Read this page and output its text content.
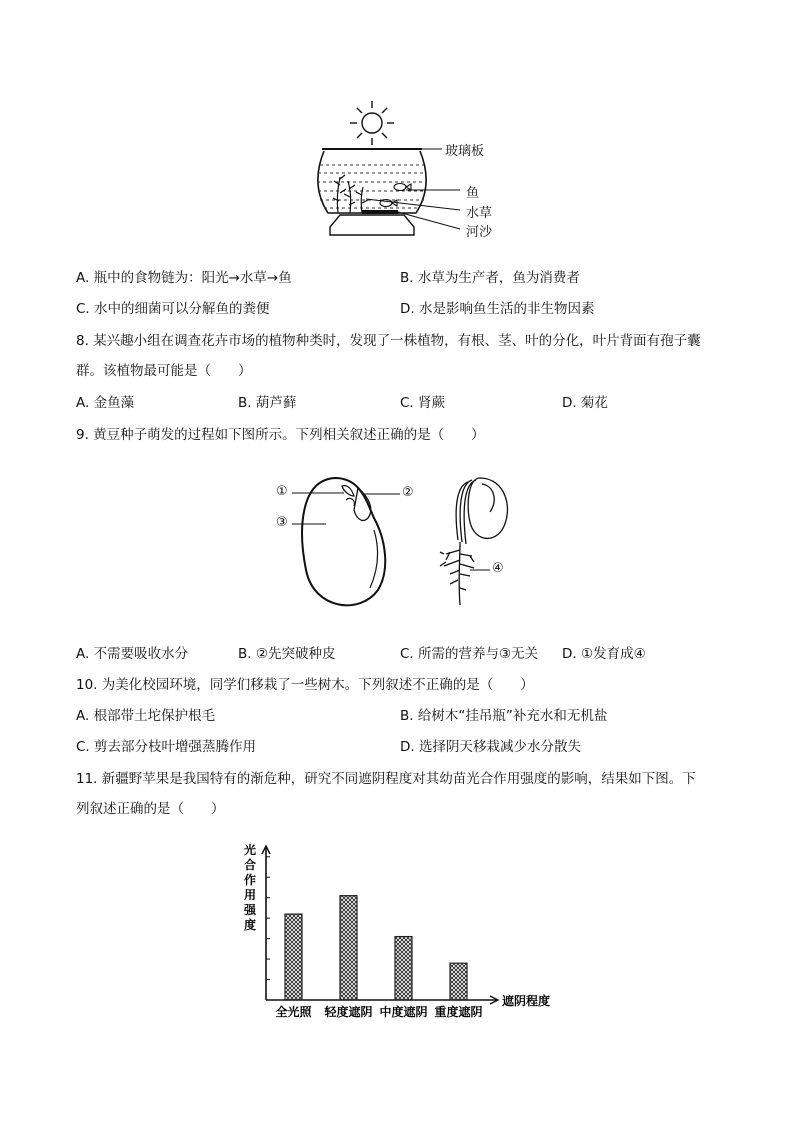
玻璃板
鱼
水草
河沙
A. 瓶中的食物链为：阳光→水草→鱼	B. 水草为生产者，鱼为消费者
C. 水中的细菌可以分解鱼的粪便	D. 水是影响鱼生活的非生物因素
8. 某兴趣小组在调查花卉市场的植物种类时，发现了一株植物，有根、茎、叶的分化，叶片背面有孢子囊
群。该植物最可能是（　　）
A. 金鱼藻	B. 葫芦藓	C. 肾蕨	D. 菊花
9. 黄豆种子萌发的过程如下图所示。下列相关叙述正确的是（　　）
①	②
③
④
A. 不需要吸收水分	B. ②先突破种皮	C. 所需的营养与③无关 D. ①发育成④
10. 为美化校园环境，同学们移栽了一些树木。下列叙述不正确的是（　　）
A. 根部带土坨保护根毛	B. 给树木“挂吊瓶”补充水和无机盐
C. 剪去部分枝叶增强蒸腾作用	D. 选择阴天移栽减少水分散失
11. 新疆野苹果是我国特有的渐危种，研究不同遮阴程度对其幼苗光合作用强度的影响，结果如下图。下
列叙述正确的是（　　）
光
合
作
用
强
度
全光照 轻度遮阴 中度遮阴 重度遮阴
遮阴程度
